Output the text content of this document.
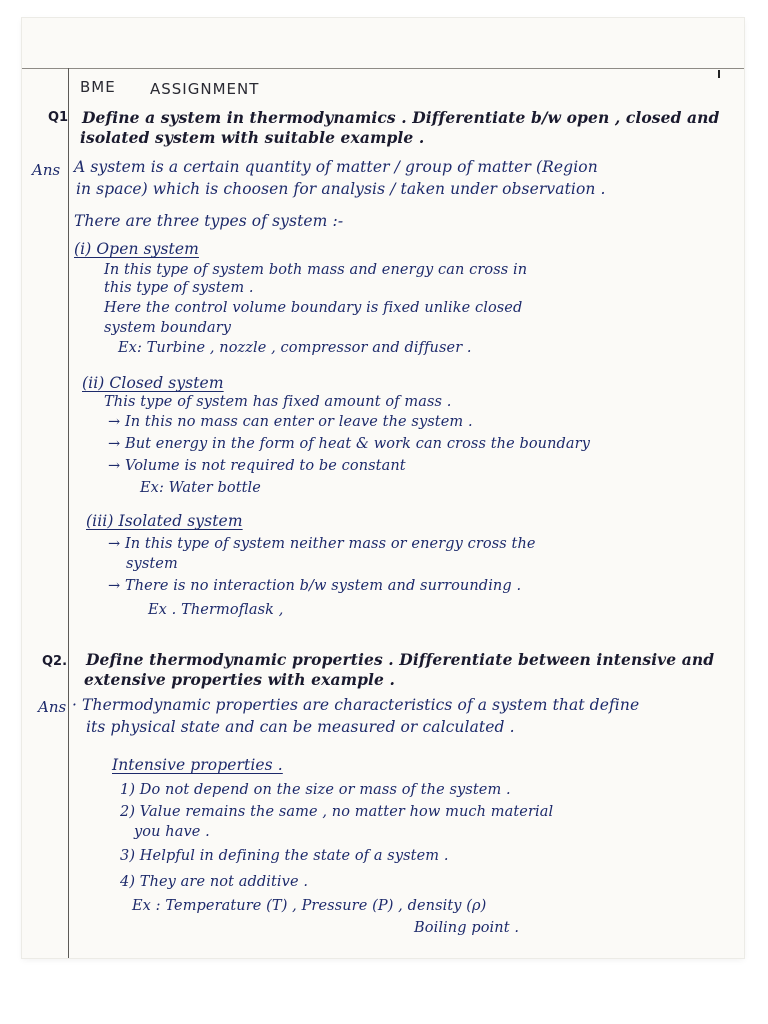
BME ASSIGNMENT
Q1 Define a system in thermodynamics . Differentiate b/w open , closed and
isolated system with suitable example .
Ans A system is a certain quantity of matter / group of matter (Region
in space) which is choosen for analysis / taken under observation .
There are three types of system :-
(i) Open system
In this type of system both mass and energy can cross in
this type of system .
Here the control volume boundary is fixed unlike closed
system boundary
Ex: Turbine , nozzle , compressor and diffuser .
(ii) Closed system
This type of system has fixed amount of mass .
→ In this no mass can enter or leave the system .
→ But energy in the form of heat & work can cross the boundary
→ Volume is not required to be constant
Ex: Water bottle
(iii) Isolated system
→ In this type of system neither mass or energy cross the
system
→ There is no interaction b/w system and surrounding .
Ex . Thermoflask ,
Q2. Define thermodynamic properties . Differentiate between intensive and
extensive properties with example .
Ans · Thermodynamic properties are characteristics of a system that define
its physical state and can be measured or calculated .
Intensive properties .
1) Do not depend on the size or mass of the system .
2) Value remains the same , no matter how much material
you have .
3) Helpful in defining the state of a system .
4) They are not additive .
Ex : Temperature (T) , Pressure (P) , density (ρ)
Boiling point .
